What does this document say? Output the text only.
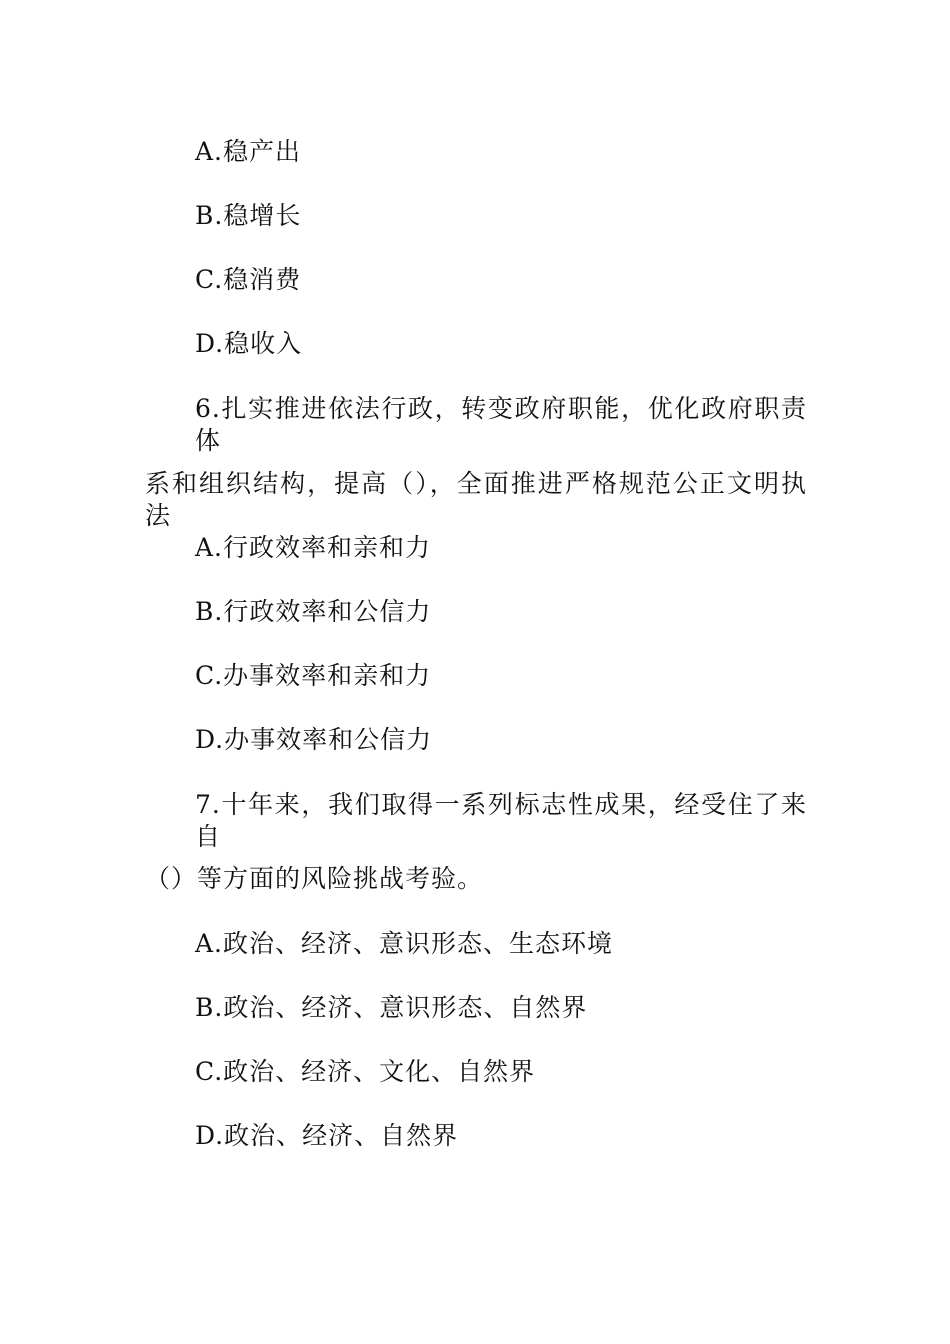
A.稳产出
B.稳增长
C.稳消费
D.稳收入
6.扎实推进依法行政，转变政府职能，优化政府职责体
系和组织结构，提高（），全面推进严格规范公正文明执法
A.行政效率和亲和力
B.行政效率和公信力
C.办事效率和亲和力
D.办事效率和公信力
7.十年来，我们取得一系列标志性成果，经受住了来自
（）等方面的风险挑战考验。
A.政治、经济、意识形态、生态环境
B.政治、经济、意识形态、自然界
C.政治、经济、文化、自然界
D.政治、经济、自然界
